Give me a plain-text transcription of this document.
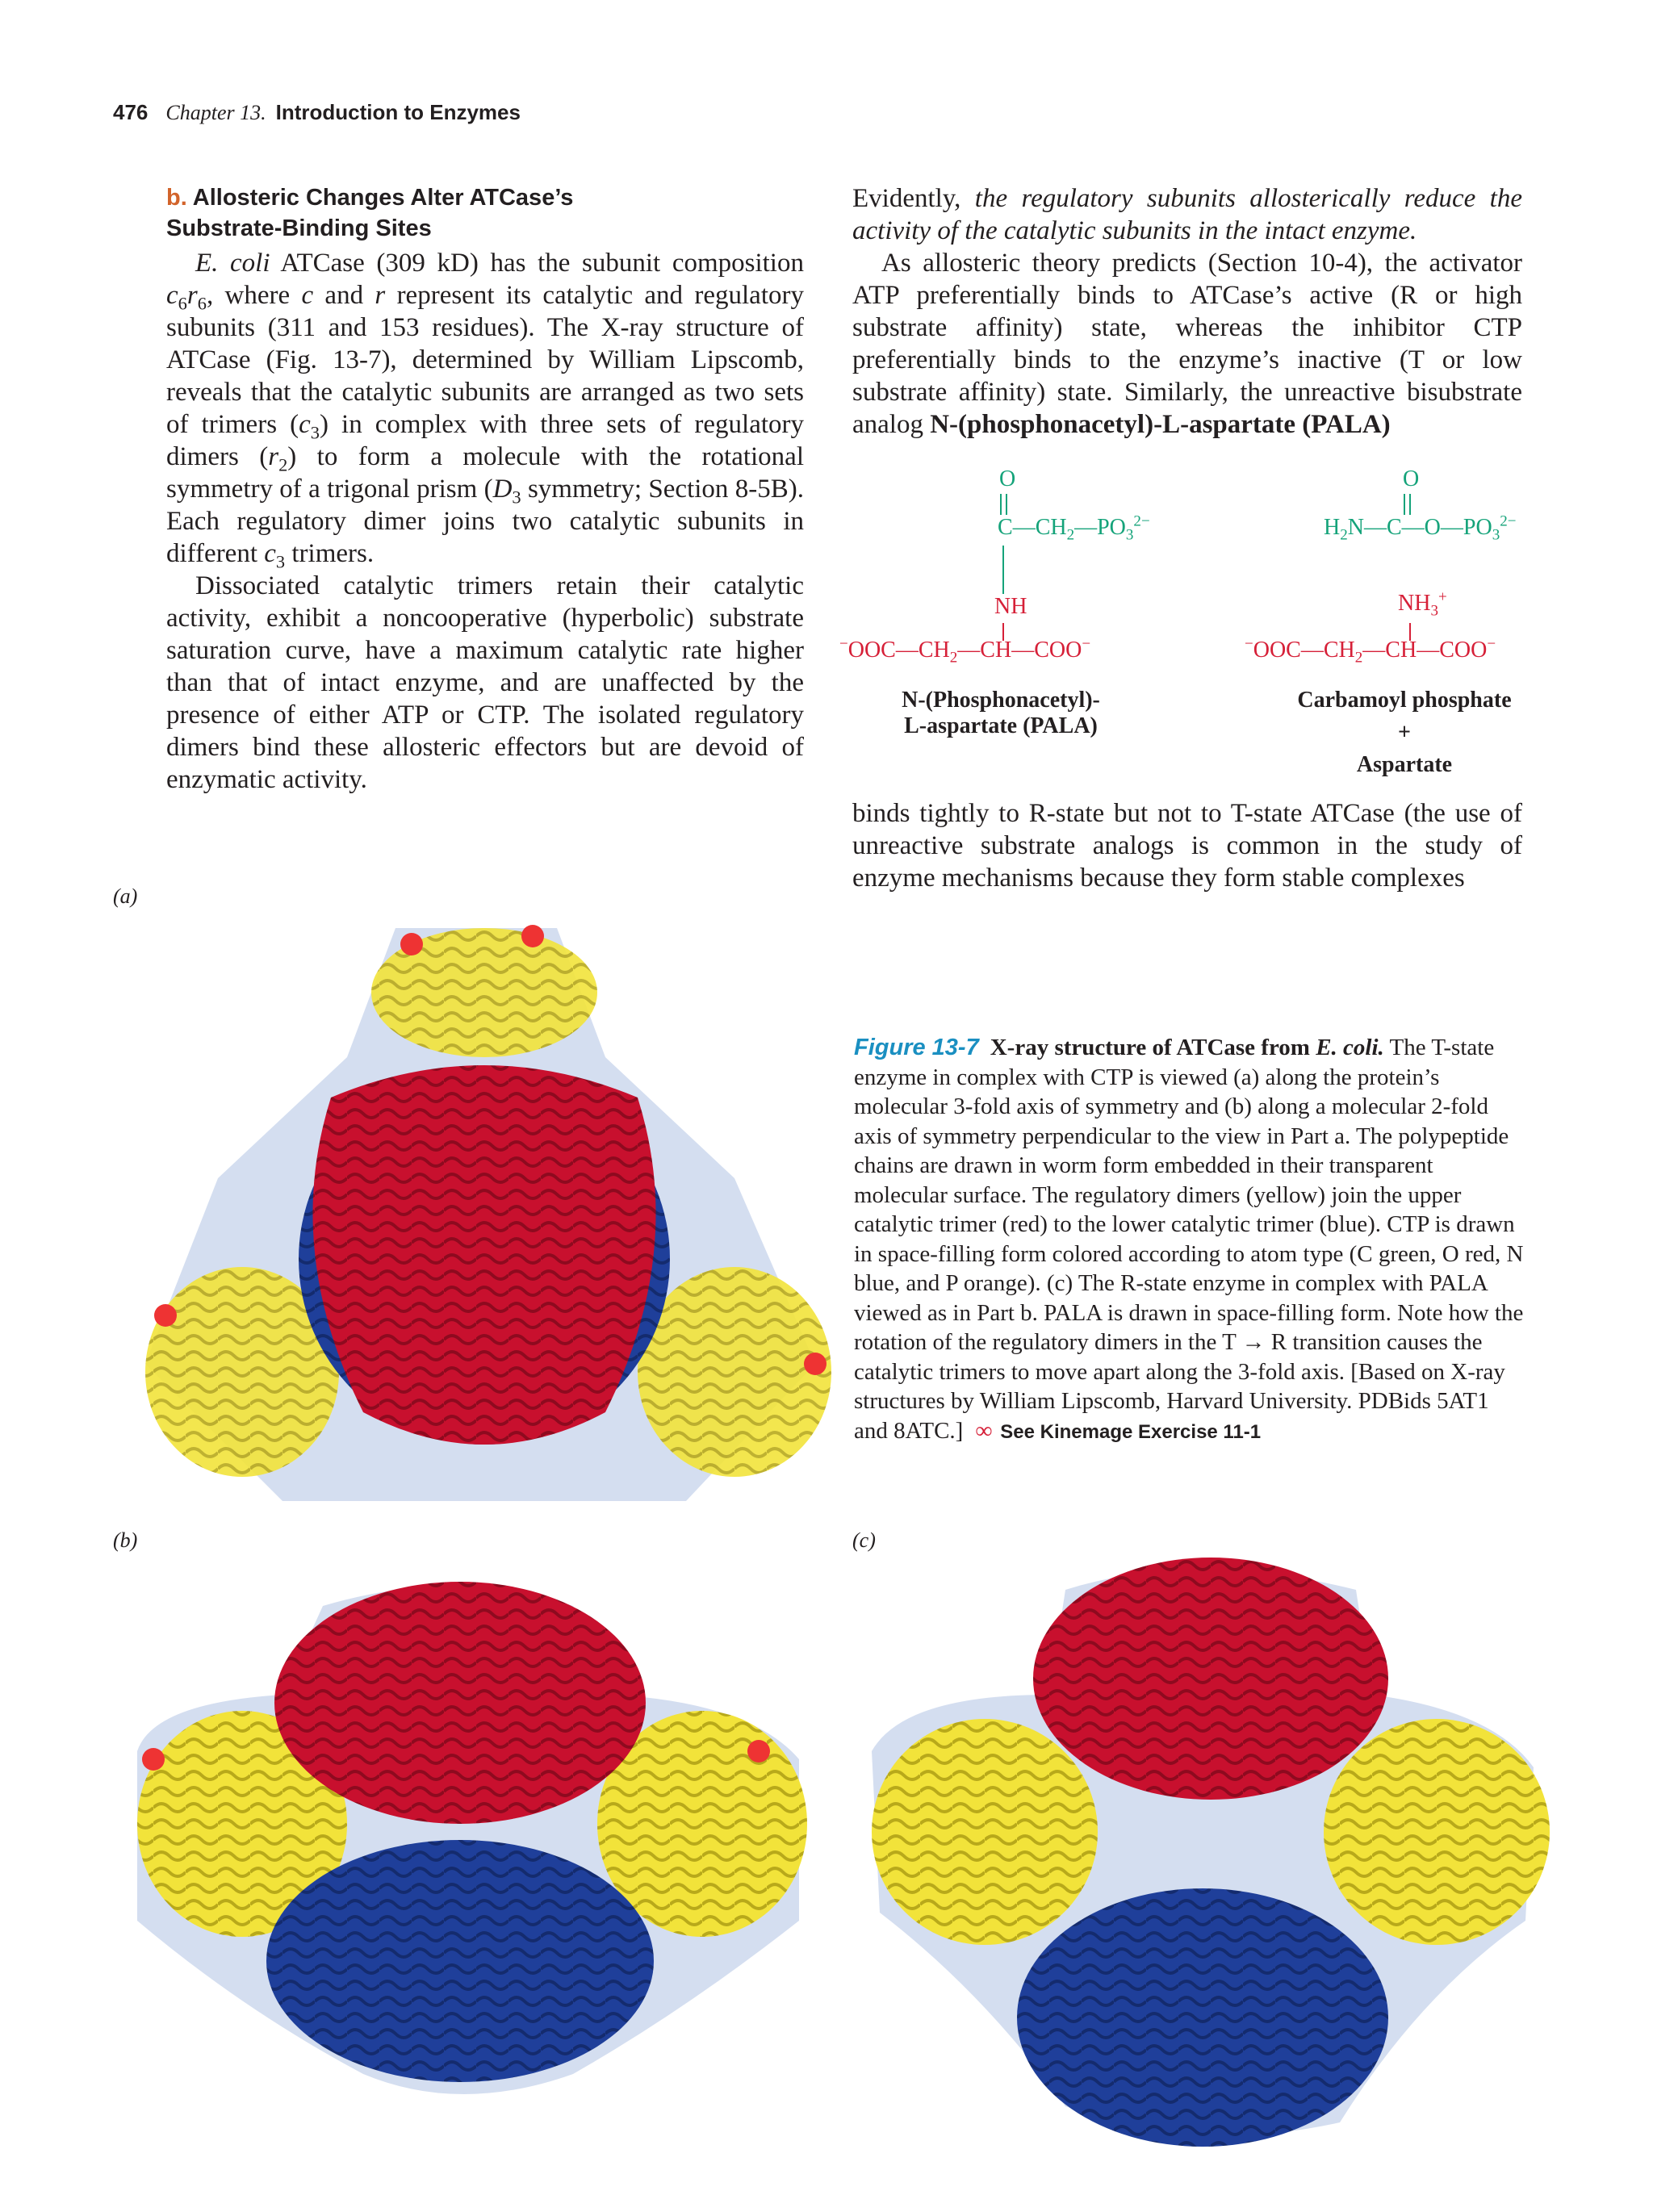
476 Chapter 13. Introduction to Enzymes
b. Allosteric Changes Alter ATCase’s
Substrate-Binding Sites
E. coli ATCase (309 kD) has the subunit composition $c_6r_6$, where c and r represent its catalytic and regulatory subunits (311 and 153 residues). The X-ray structure of ATCase (Fig. 13-7), determined by William Lipscomb, reveals that the catalytic subunits are arranged as two sets of trimers $(c_3)$ in complex with three sets of regulatory dimers $(r_2)$ to form a molecule with the rotational symmetry of a trigonal prism ($D_3$ symmetry; Section 8-5B). Each regulatory dimer joins two catalytic subunits in different $c_3$ trimers.
Dissociated catalytic trimers retain their catalytic activity, exhibit a noncooperative (hyperbolic) substrate saturation curve, have a maximum catalytic rate higher than that of intact enzyme, and are unaffected by the presence of either ATP or CTP. The isolated regulatory dimers bind these allosteric effectors but are devoid of enzymatic activity.
Evidently, the regulatory subunits allosterically reduce the activity of the catalytic subunits in the intact enzyme.
As allosteric theory predicts (Section 10-4), the activator ATP preferentially binds to ATCase’s active (R or high substrate affinity) state, whereas the inhibitor CTP preferentially binds to the enzyme’s inactive (T or low substrate affinity) state. Similarly, the unreactive bisubstrate analog N-(phosphonacetyl)-L-aspartate (PALA)
O
$C—CH_2—PO_3^{2-}$
NH
$^-OOC—CH_2—CH—COO^-$
N-(Phosphonacetyl)-
L-aspartate (PALA)
O
$H_2N—C—O—PO_3^{2-}$
$NH_3^+$
$^-OOC—CH_2—CH—COO^-$
Carbamoyl phosphate
+
Aspartate
binds tightly to R-state but not to T-state ATCase (the use of unreactive substrate analogs is common in the study of enzyme mechanisms because they form stable complexes
(a)
(b)	(c)
Figure 13-7 X-ray structure of ATCase from E. coli. The T-state enzyme in complex with CTP is viewed (a) along the protein’s molecular 3-fold axis of symmetry and (b) along a molecular 2-fold axis of symmetry perpendicular to the view in Part a. The polypeptide chains are drawn in worm form embedded in their transparent molecular surface. The regulatory dimers (yellow) join the upper catalytic trimer (red) to the lower catalytic trimer (blue). CTP is drawn in space-filling form colored according to atom type (C green, O red, N blue, and P orange). (c) The R-state enzyme in complex with PALA viewed as in Part b. PALA is drawn in space-filling form. Note how the rotation of the regulatory dimers in the T → R transition causes the catalytic trimers to move apart along the 3-fold axis. [Based on X-ray structures by William Lipscomb, Harvard University. PDBids 5AT1 and 8ATC.] ∞ See Kinemage Exercise 11-1
